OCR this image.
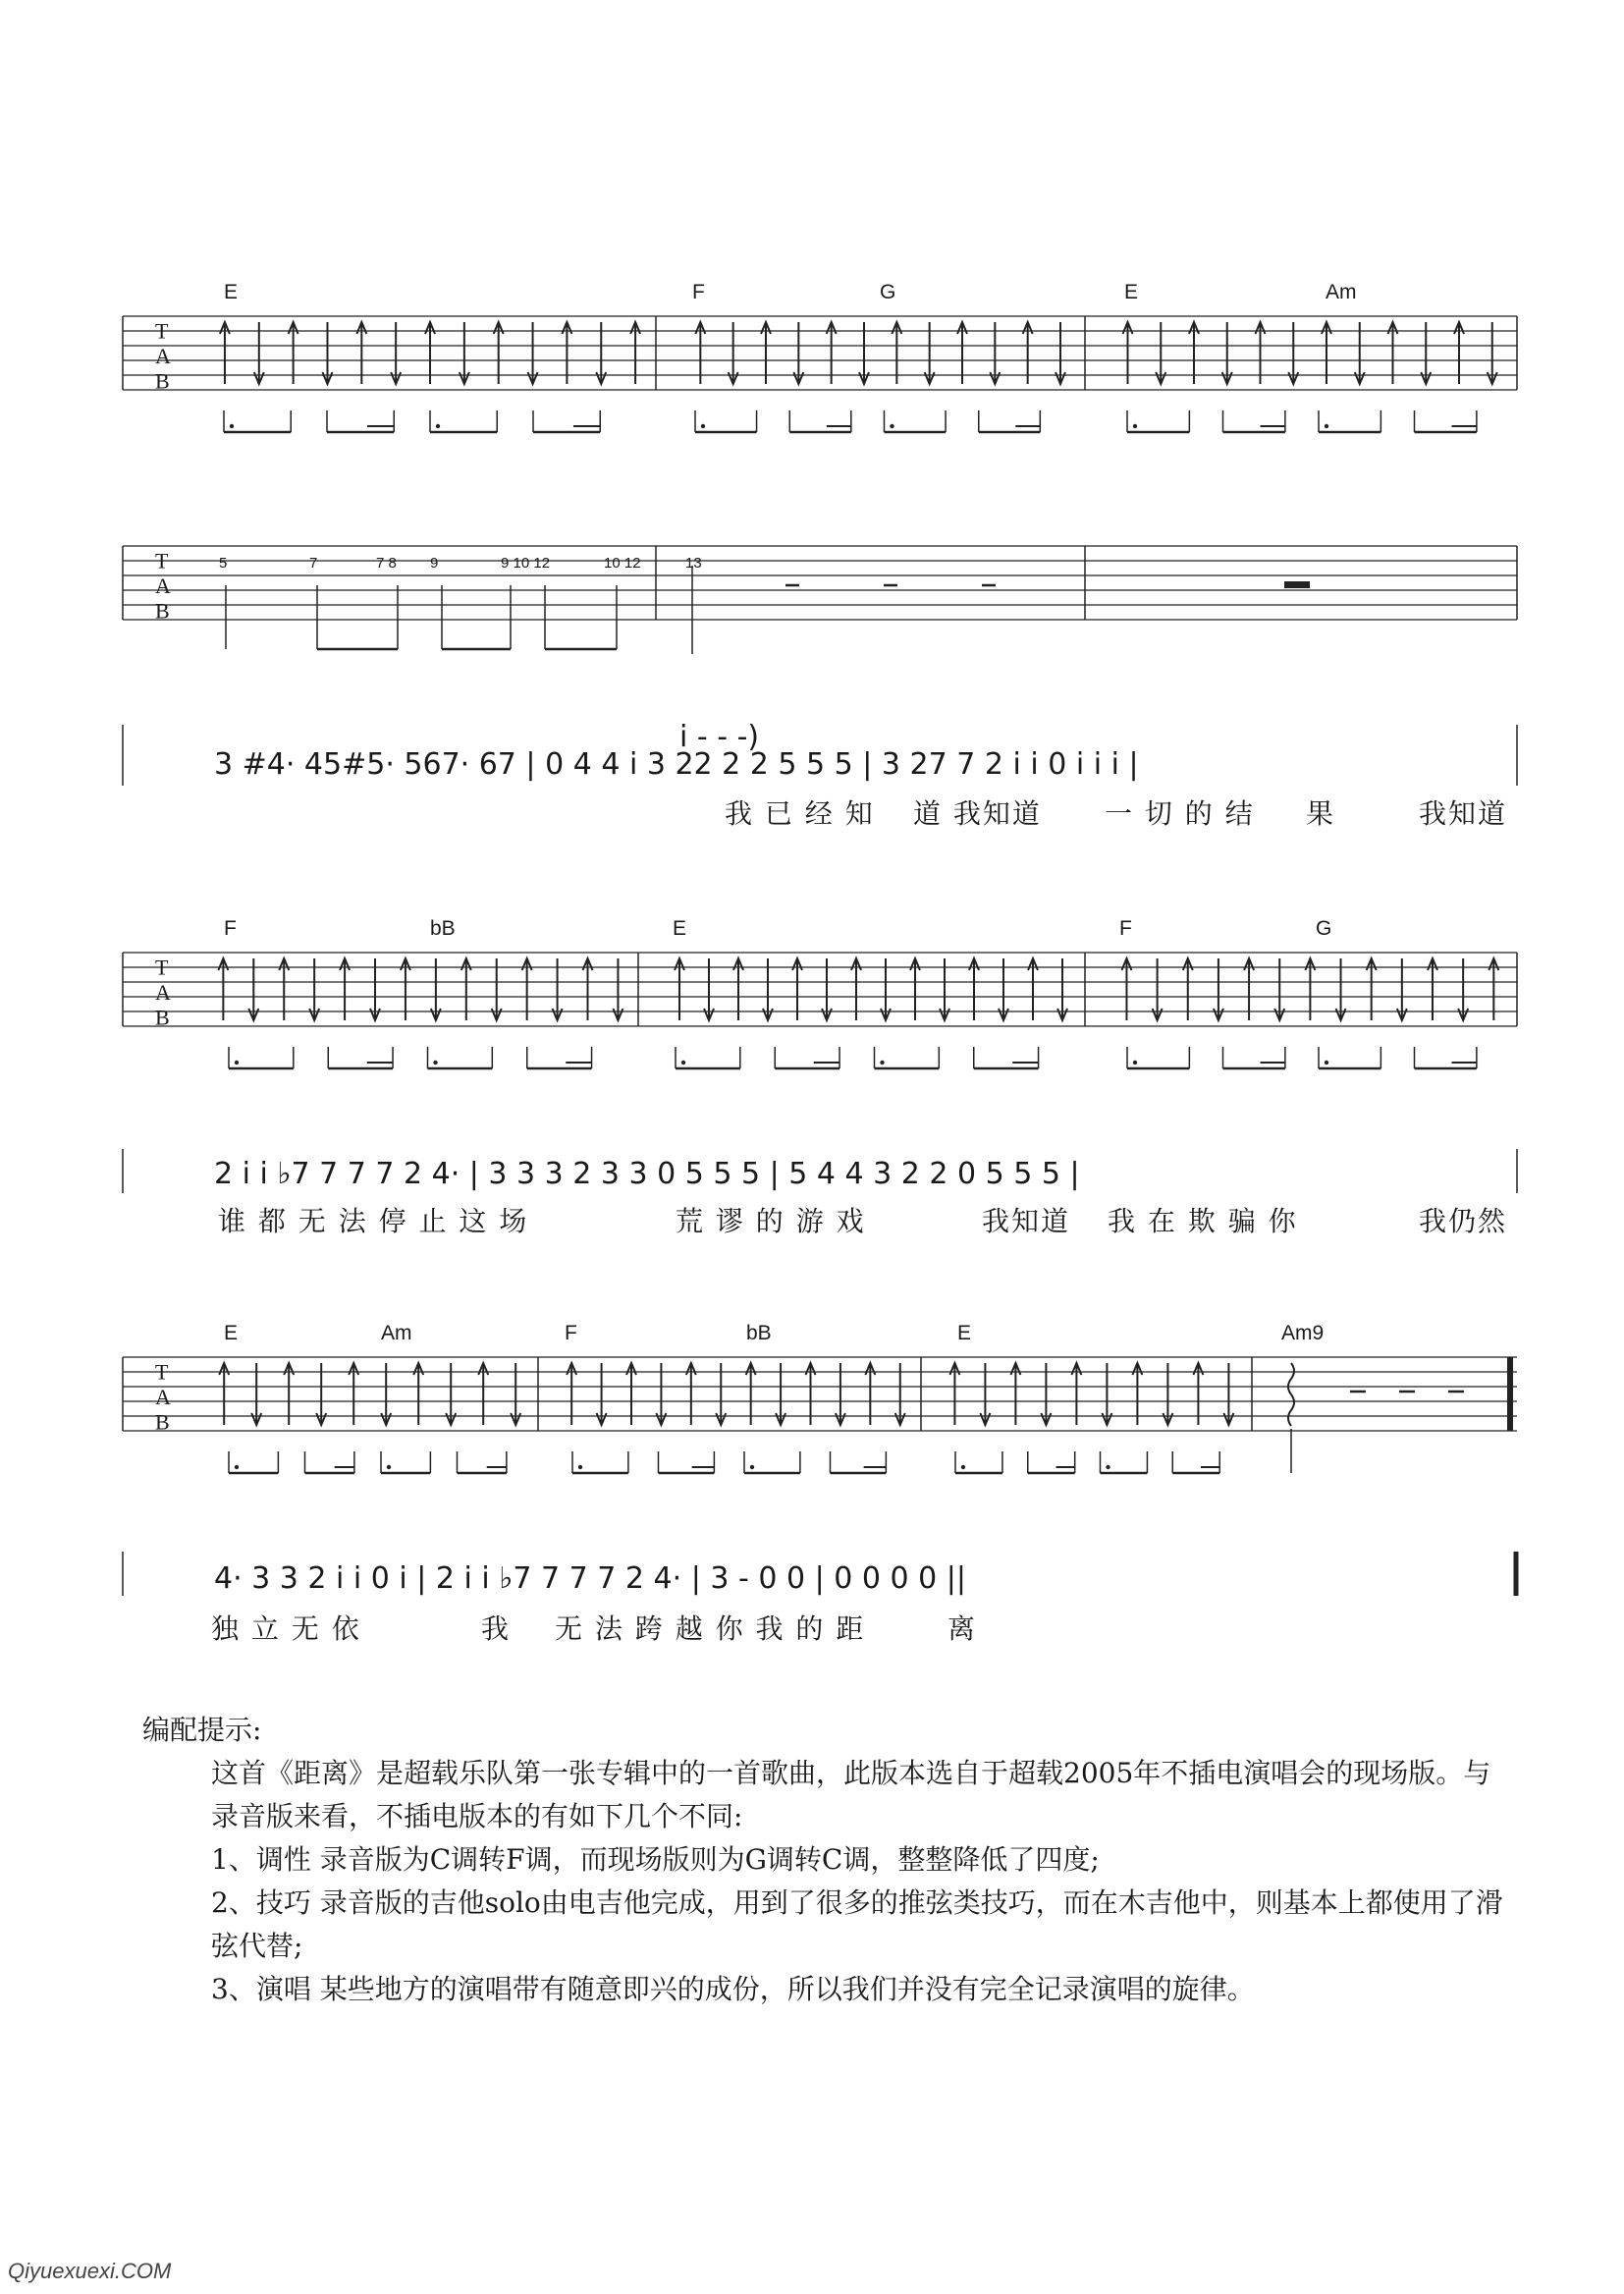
E	F	G	E	Am
T
A
B
T
A
B
5	7	7 8 9	9 10 12	10 12	13
i - - -)
3 #4· 45#5· 567· 67 | 0 4 4 i 3 22 2 2 5 5 5 | 3 27 7 2 i i 0 i i i |
我 已 经 知 道 我知道 一 切 的 结 果	我知道
F	bB	E	F	G
T
A
B
2 i i ♭7 7 7 7 2 4· | 3 3 3 2 3 3 0 5 5 5 | 5 4 4 3 2 2 0 5 5 5 |
谁 都 无 法 停 止 这 场	荒 谬 的 游 戏	我知道 我 在 欺 骗 你	我仍然
E	Am	F	bB	E	Am9
T
A
B
4· 3 3 2 i i 0 i | 2 i i ♭7 7 7 7 2 4· | 3 - 0 0 | 0 0 0 0 ||
独 立 无 依	我 无 法 跨 越 你 我 的 距	离

编配提示:

这首《距离》是超载乐队第一张专辑中的一首歌曲，此版本选自于超载2005年不插电演唱会的现场版。与录音版来看，不插电版本的有如下几个不同:

1、调性 录音版为C调转F调，而现场版则为G调转C调，整整降低了四度;

2、技巧 录音版的吉他solo由电吉他完成，用到了很多的推弦类技巧，而在木吉他中，则基本上都使用了滑弦代替;

3、演唱 某些地方的演唱带有随意即兴的成份，所以我们并没有完全记录演唱的旋律。

Qiyuexuexi.COM
